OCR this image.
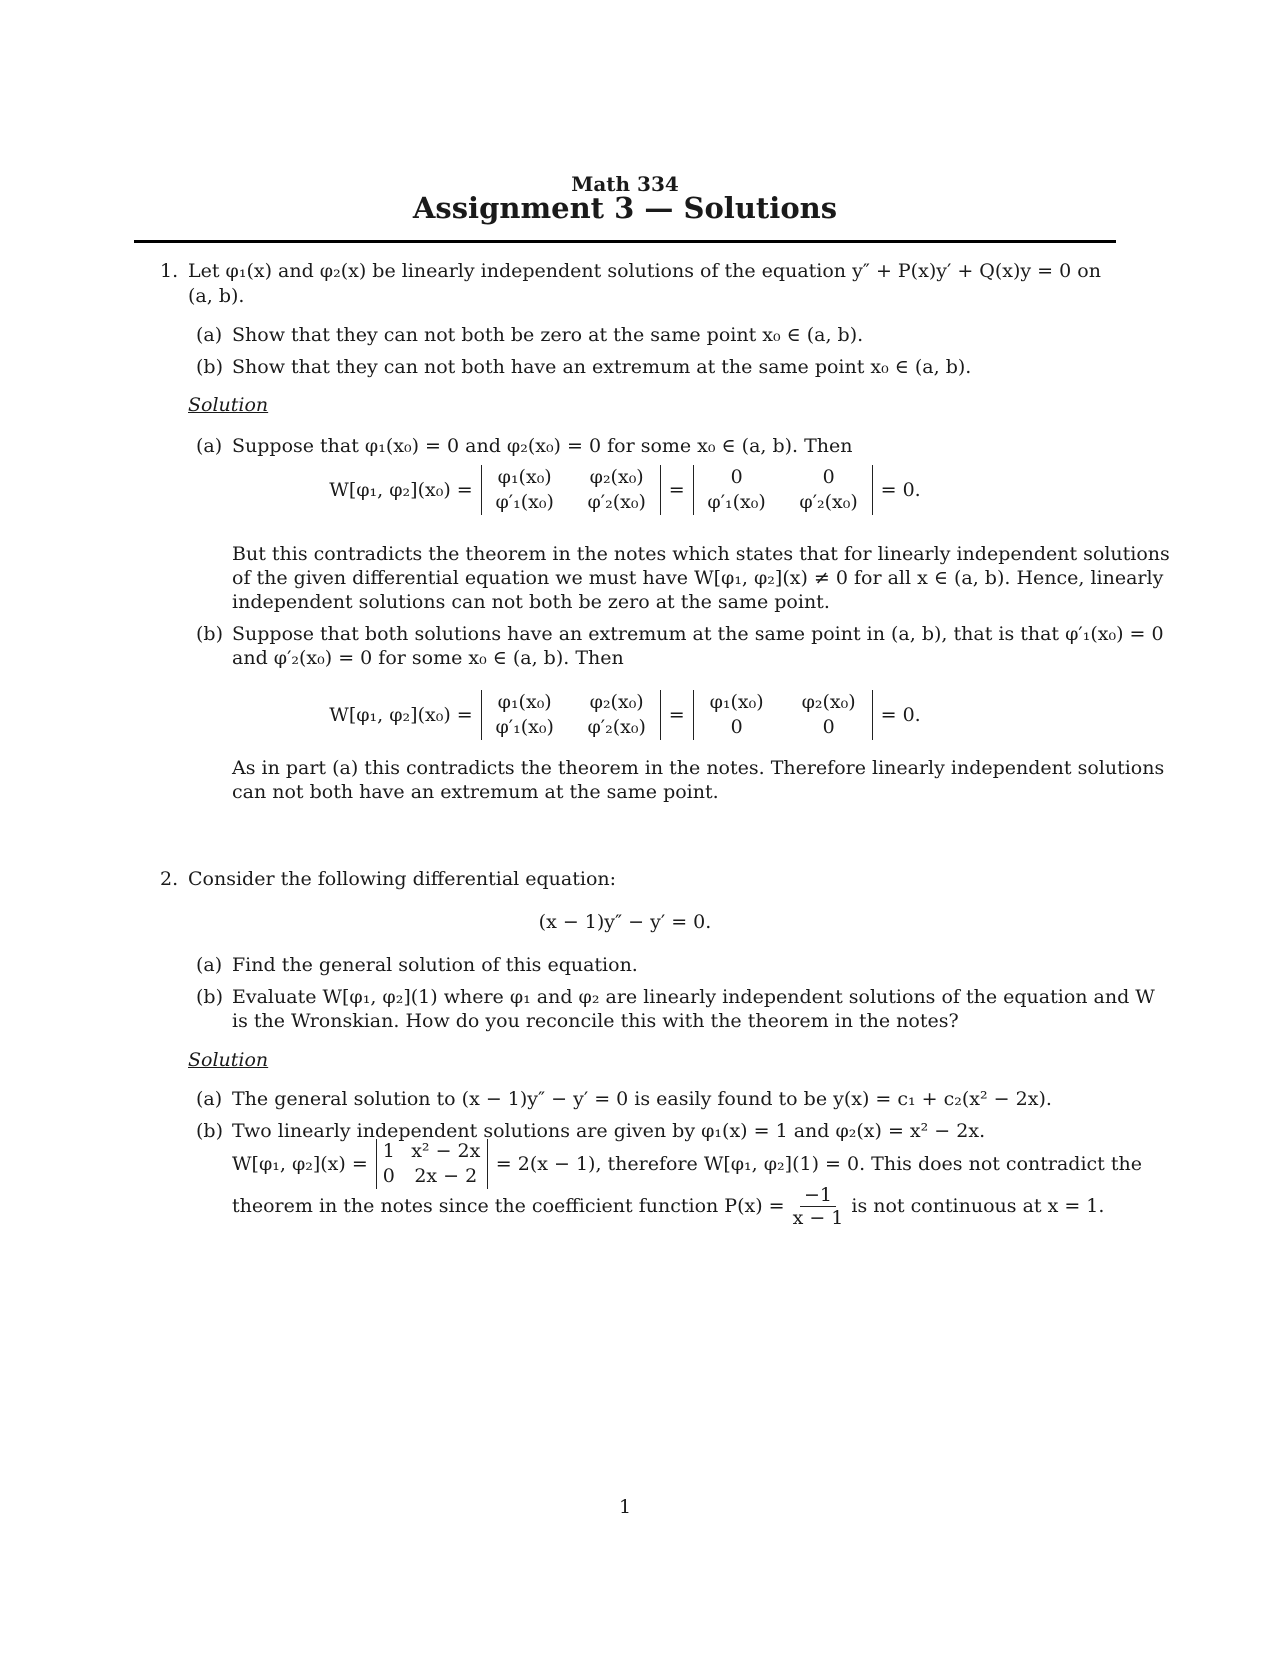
Math 334
Assignment 3 — Solutions
1. Let φ₁(x) and φ₂(x) be linearly independent solutions of the equation y″ + P(x)y′ + Q(x)y = 0 on
(a, b).
(a) Show that they can not both be zero at the same point x₀ ∈ (a, b).
(b) Show that they can not both have an extremum at the same point x₀ ∈ (a, b).
Solution
(a) Suppose that φ₁(x₀) = 0 and φ₂(x₀) = 0 for some x₀ ∈ (a, b). Then
W[φ₁, φ₂](x₀) =
φ₁(x₀)	φ₂(x₀)
φ′₁(x₀)	φ′₂(x₀)
=
0	0
φ′₁(x₀)	φ′₂(x₀)
= 0.
But this contradicts the theorem in the notes which states that for linearly independent solutions
of the given differential equation we must have W[φ₁, φ₂](x) ≠ 0 for all x ∈ (a, b). Hence, linearly
independent solutions can not both be zero at the same point.
(b) Suppose that both solutions have an extremum at the same point in (a, b), that is that φ′₁(x₀) = 0
and φ′₂(x₀) = 0 for some x₀ ∈ (a, b). Then
W[φ₁, φ₂](x₀) =
φ₁(x₀)	φ₂(x₀)
φ′₁(x₀)	φ′₂(x₀)
=
φ₁(x₀)	φ₂(x₀)
0	0
= 0.
As in part (a) this contradicts the theorem in the notes. Therefore linearly independent solutions
can not both have an extremum at the same point.
2. Consider the following differential equation:
(x − 1)y″ − y′ = 0.
(a) Find the general solution of this equation.
(b) Evaluate W[φ₁, φ₂](1) where φ₁ and φ₂ are linearly independent solutions of the equation and W
is the Wronskian. How do you reconcile this with the theorem in the notes?
Solution
(a) The general solution to (x − 1)y″ − y′ = 0 is easily found to be y(x) = c₁ + c₂(x² − 2x).
(b) Two linearly independent solutions are given by φ₁(x) = 1 and φ₂(x) = x² − 2x.
W[φ₁, φ₂](x) =
1 x² − 2x
0 2x − 2
= 2(x − 1), therefore W[φ₁, φ₂](1) = 0. This does not contradict the
theorem in the notes since the coefficient function $P(x) = \frac{-1}{x - 1}$ is not continuous at x = 1.
1
